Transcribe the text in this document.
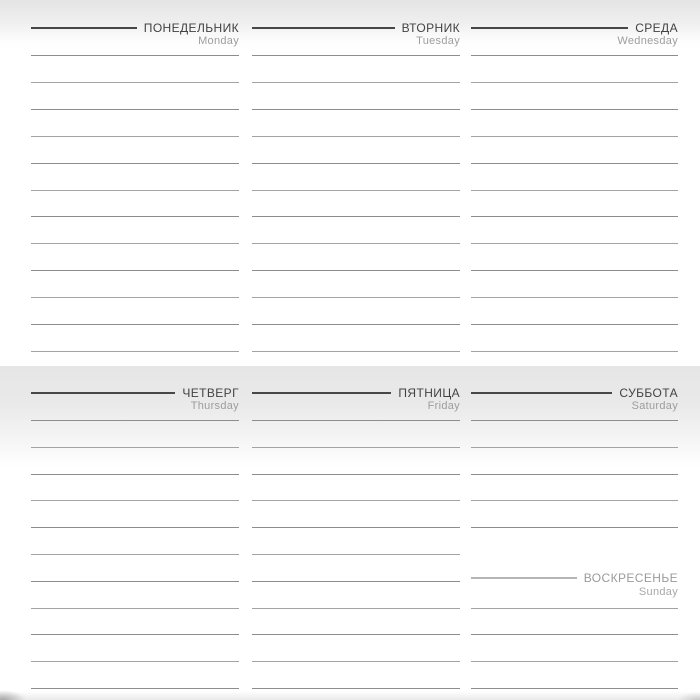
ПОНЕДЕЛЬНИК
Monday
ВТОРНИК
Tuesday
СРЕДА
Wednesday
ЧЕТВЕРГ
Thursday
ПЯТНИЦА
Friday
СУББОТА
Saturday
ВОСКРЕСЕНЬЕ
Sunday
